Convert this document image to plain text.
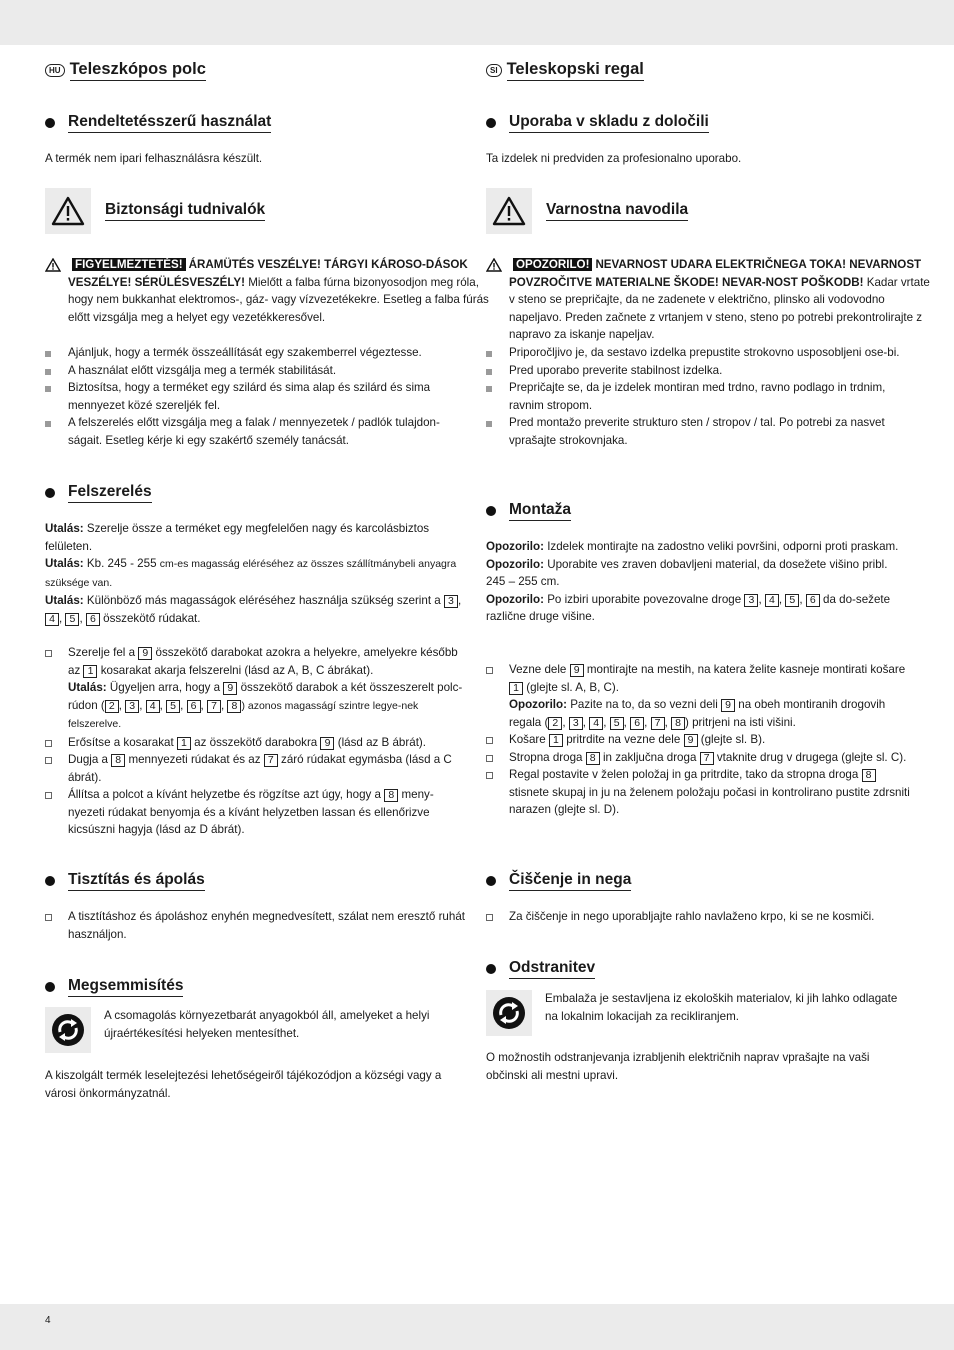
HU Teleszkópos polc
Rendeltetésszerű használat
A termék nem ipari felhasználásra készült.
Biztonsági tudnivalók
FIGYELMEZTETÉS! ÁRAMÜTÉS VESZÉLYE! TÁRGYI KÁROSO-DÁSOK VESZÉLYE! SÉRÜLÉSVESZÉLY! Mielőtt a falba fúrna bizonyosodjon meg róla, hogy nem bukkanhat elektromos-, gáz- vagy vízvezetékekre. Esetleg a falba fúrás előtt vizsgálja meg a helyet egy vezetékkeresővel.
Ajánljuk, hogy a termék összeállítását egy szakemberrel végeztesse.
A használat előtt vizsgálja meg a termék stabilitását.
Biztosítsa, hogy a terméket egy szilárd és sima alap és szilárd és sima mennyezet közé szereljék fel.
A felszerelés előtt vizsgálja meg a falak / mennyezetek / padlók tulajdon-ságait. Esetleg kérje ki egy szakértő személy tanácsát.
Felszerelés
Utalás: Szerelje össze a terméket egy megfelelően nagy és karcolásbiztos felületen.
Utalás: Kb. 245 - 255 cm-es magasság eléréséhez az összes szállítmánybeli anyagra szüksége van.
Utalás: Különböző más magasságok eléréséhez használja szükség szerint a 3 , 4 , 5 , 6 összekötő rúdakat.
Szerelje fel a 9 összekötő darabokat azokra a helyekre, amelyekre később az 1 kosarakat akarja felszerelni (lásd az A, B, C ábrákat).
Utalás: Ügyeljen arra, hogy a 9 összekötő darabok a két összeszerelt polc-rúdon ( 2 , 3 , 4 , 5 , 6 , 7 , 8 ) azonos magasságí szintre legye-nek felszerelve.
Erősítse a kosarakat 1 az összekötő darabokra 9 (lásd az B ábrát).
Dugja a 8 mennyezeti rúdakat és az 7 záró rúdakat egymásba (lásd a C ábrát).
Állítsa a polcot a kívánt helyzetbe és rögzítse azt úgy, hogy a 8 meny-nyezeti rúdakat benyomja és a kívánt helyzetben lassan és ellenőrizve kicsúszni hagyja (lásd az D ábrát).
Tisztítás és ápolás
A tisztításhoz és ápoláshoz enyhén megnedvesített, szálat nem eresztő ruhát használjon.
Megsemmisítés
A csomagolás környezetbarát anyagokból áll, amelyeket a helyi újraértékesítési helyeken mentesíthet.
A kiszolgált termék leselejtezési lehetőségeiről tájékozódjon a községi vagy a városi önkormányzatnál.
SI Teleskopski regal
Uporaba v skladu z določili
Ta izdelek ni predviden za profesionalno uporabo.
Varnostna navodila
OPOZORILO! NEVARNOST UDARA ELEKTRIČNEGA TOKA! NEVARNOST POVZROČITVE MATERIALNE ŠKODE! NEVAR-NOST POŠKODB! Kadar vrtate v steno se prepričajte, da ne zadenete v električno, plinsko ali vodovodno napeljavo. Preden začnete z vrtanjem v steno, steno po potrebi prekontrolirajte z napravo za iskanje napeljav.
Priporočljivo je, da sestavo izdelka prepustite strokovno usposobljeni ose-bi.
Pred uporabo preverite stabilnost izdelka.
Prepričajte se, da je izdelek montiran med trdno, ravno podlago in trdnim, ravnim stropom.
Pred montažo preverite strukturo sten / stropov / tal. Po potrebi za nasvet vprašajte strokovnjaka.
Montaža
Opozorilo: Izdelek montirajte na zadostno veliki površini, odporni proti praskam.
Opozorilo: Uporabite ves zraven dobavljeni material, da dosežete višino pribl. 245 – 255 cm.
Opozorilo: Po izbiri uporabite povezovalne droge 3 , 4 , 5 , 6 da do-sežete različne druge višine.
Vezne dele 9 montirajte na mestih, na katera želite kasneje montirati košare 1 (glejte sl. A, B, C).
Opozorilo: Pazite na to, da so vezni deli 9 na obeh montiranih drogovih regala ( 2 , 3 , 4 , 5 , 6 , 7 , 8 ) pritrjeni na isti višini.
Košare 1 pritrdite na vezne dele 9 (glejte sl. B).
Stropna droga 8 in zaključna droga 7 vtaknite drug v drugega (glejte sl. C).
Regal postavite v želen položaj in ga pritrdite, tako da stropna droga 8 stisnete skupaj in ju na želenem položaju počasi in kontrolirano pustite zdrsniti narazen (glejte sl. D).
Čiščenje in nega
Za čiščenje in nego uporabljajte rahlo navlaženo krpo, ki se ne kosmiči.
Odstranitev
Embalaža je sestavljena iz ekoloških materialov, ki jih lahko odlagate na lokalnim lokacijah za recikliranjem.
O možnostih odstranjevanja izrabljenih električnih naprav vprašajte na vaši občinski ali mestni upravi.
4
